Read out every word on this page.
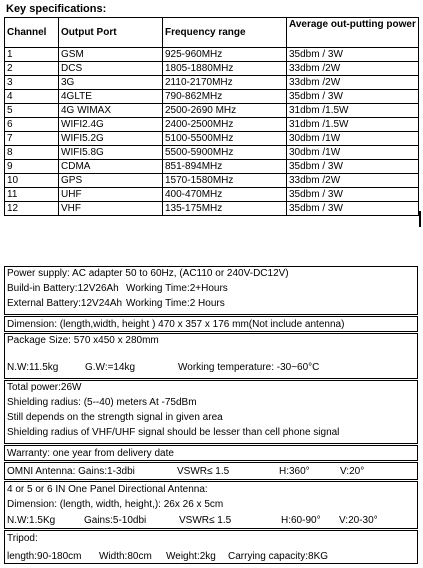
Key specifications:
Channel	Output Port	Frequency range	Average out-putting power
1	GSM	925-960MHz	35dbm / 3W
2	DCS	1805-1880MHz	33dbm /2W
3	3G	2110-2170MHz	33dbm /2W
4	4GLTE	790-862MHz	35dbm / 3W
5	4G WIMAX	2500-2690 MHz	31dbm /1.5W
6	WIFI2.4G	2400-2500MHz	31dbm /1.5W
7	WIFI5.2G	5100-5500MHz	30dbm /1W
8	WIFI5.8G	5500-5900MHz	30dbm /1W
9	CDMA	851-894MHz	35dbm / 3W
10	GPS	1570-1580MHz	33dbm /2W
11	UHF	400-470MHz	35dbm / 3W
12	VHF	135-175MHz	35dbm / 3W
Power supply: AC adapter 50 to 60Hz, (AC110 or 240V-DC12V)
Build-in Battery:12V26Ah Working Time:2+Hours
External Battery:12V24Ah Working Time:2 Hours
Dimension: (length,width, height ) 470 x 357 x 176 mm(Not include antenna)
Package Size: 570 x450 x 280mm
N.W:11.5kg	G.W:=14kg	Working temperature: -30~60°C
Total power:26W
Shielding radius: (5--40) meters At -75dBm
Still depends on the strength signal in given area
Shielding radius of VHF/UHF signal should be lesser than cell phone signal
Warranty: one year from delivery date
OMNI Antenna: Gains:1-3dbi	VSWR≤ 1.5	H:360°	V:20°
4 or 5 or 6 IN One Panel Directional Antenna:
Dimension: (length, width, height,): 26x 26 x 5cm
N.W:1.5Kg	Gains:5-10dbi	VSWR≤ 1.5	H:60-90° V:20-30°
Tripod:
length:90-180cm Width:80cm Weight:2kg Carrying capacity:8KG
